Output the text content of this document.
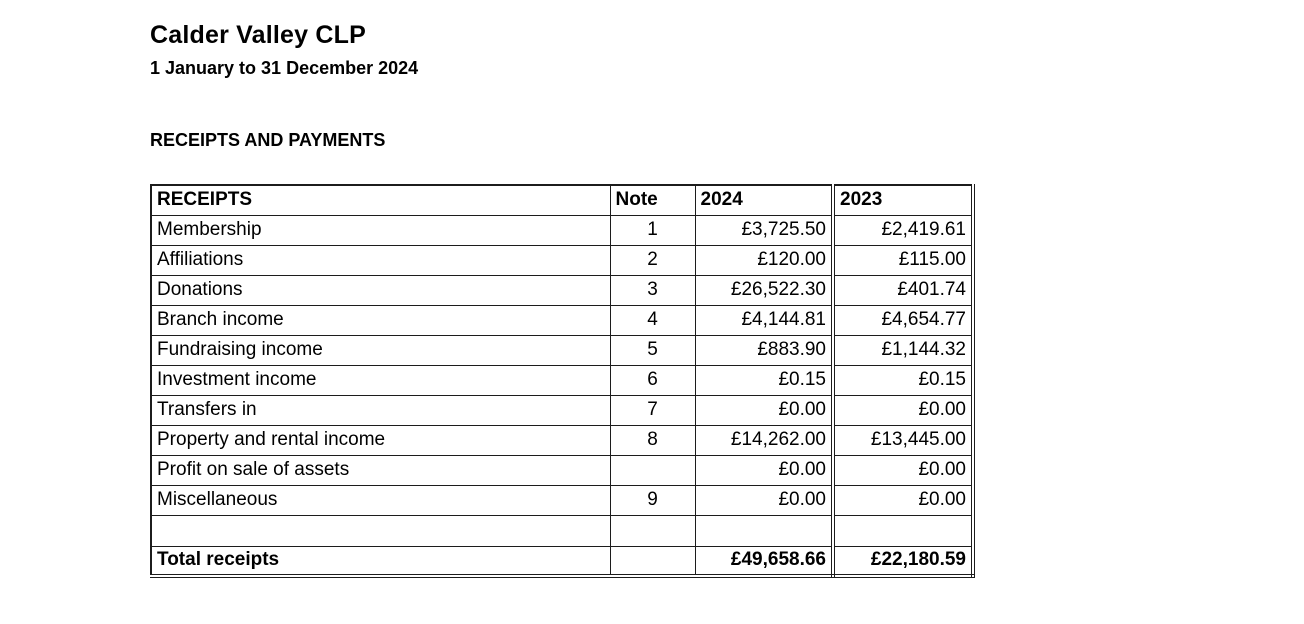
Calder Valley CLP
1 January to 31 December 2024
RECEIPTS AND PAYMENTS
RECEIPTS	Note	2024	2023
Membership	1	£3,725.50	£2,419.61
Affiliations	2	£120.00	£115.00
Donations	3	£26,522.30	£401.74
Branch income	4	£4,144.81	£4,654.77
Fundraising income	5	£883.90	£1,144.32
Investment income	6	£0.15	£0.15
Transfers in	7	£0.00	£0.00
Property and rental income	8	£14,262.00	£13,445.00
Profit on sale of assets		£0.00	£0.00
Miscellaneous	9	£0.00	£0.00

Total receipts		£49,658.66	£22,180.59
